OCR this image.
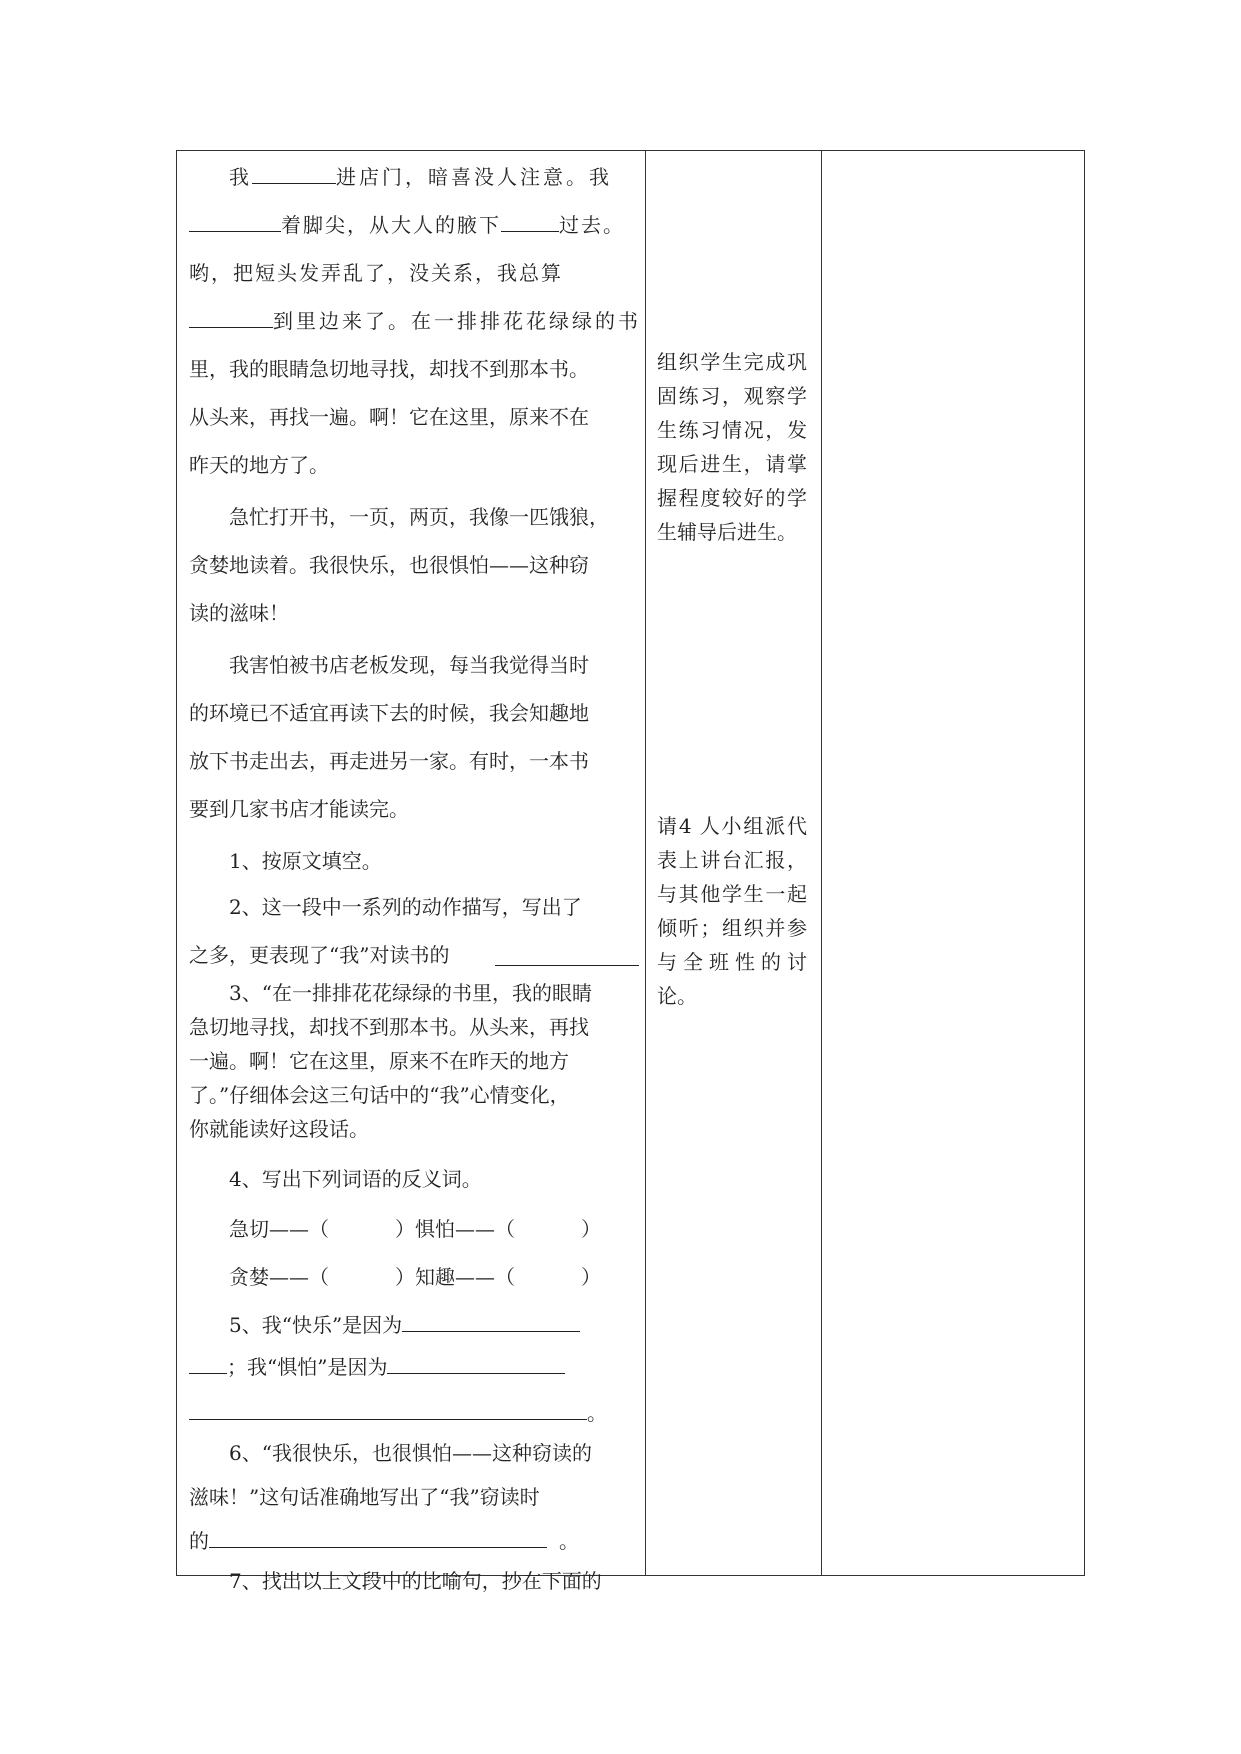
我	进店门，暗喜没人注意。我
着脚尖，从大人的腋下	过去。
哟，把短头发弄乱了，没关系，我总算
到里边来了。在一排排花花绿绿的书
里，我的眼睛急切地寻找，却找不到那本书。
从头来，再找一遍。啊！它在这里，原来不在
昨天的地方了。
急忙打开书，一页，两页，我像一匹饿狼，
贪婪地读着。我很快乐，也很惧怕——这种窃
读的滋味！
我害怕被书店老板发现，每当我觉得当时
的环境已不适宜再读下去的时候，我会知趣地
放下书走出去，再走进另一家。有时，一本书
要到几家书店才能读完。
1、按原文填空。
2、这一段中一系列的动作描写，写出了
之多，更表现了“我”对读书的
3、“在一排排花花绿绿的书里，我的眼睛
急切地寻找，却找不到那本书。从头来，再找
一遍。啊！它在这里，原来不在昨天的地方
了。”仔细体会这三句话中的“我”心情变化，
你就能读好这段话。
4、写出下列词语的反义词。
急切——（	）惧怕——（	）
贪婪——（	）知趣——（	）
5、我“快乐”是因为
；我“惧怕”是因为
。
6、“我很快乐，也很惧怕——这种窃读的
滋味！”这句话准确地写出了“我”窃读时
的	。
7、找出以上文段中的比喻句，抄在下面的
组织学生完成巩固练习，观察学生练习情况，发现后进生，请掌握程度较好的学生辅导后进生。
请4 人小组派代表上讲台汇报，与其他学生一起倾听；组织并参与全班性的讨论。
